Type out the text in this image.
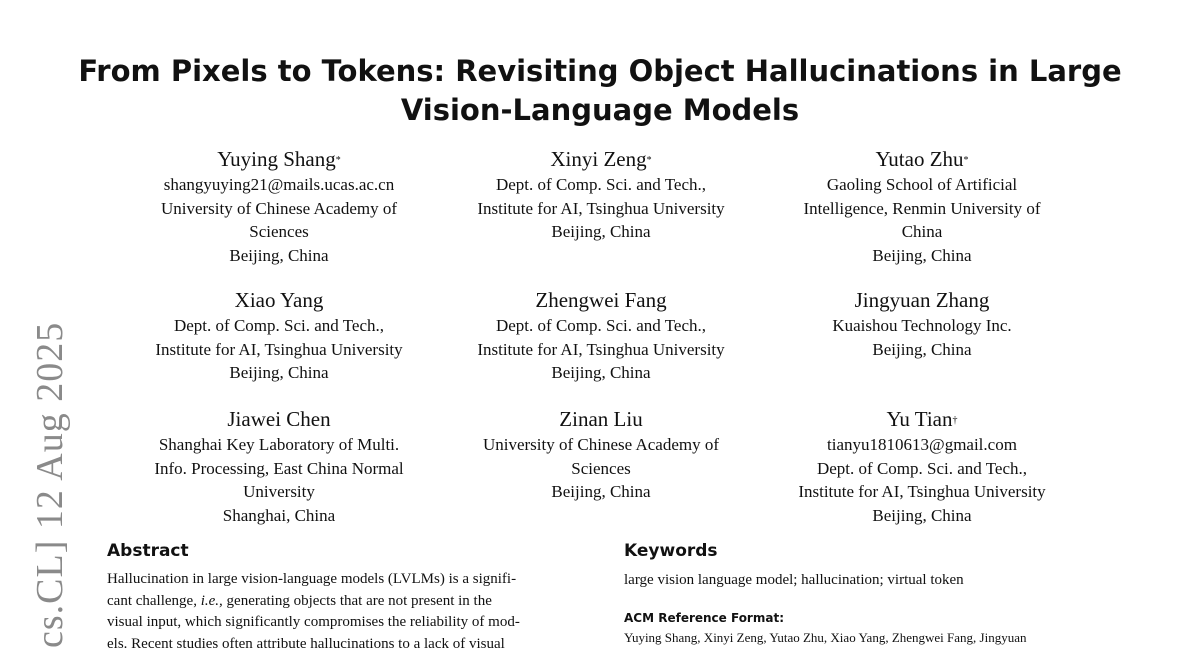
From Pixels to Tokens: Revisiting Object Hallucinations in Large
Vision-Language Models
cs.CL] 12 Aug 2025
Yuying Shang*
shangyuying21@mails.ucas.ac.cn
University of Chinese Academy of
Sciences
Beijing, China
Xinyi Zeng*
Dept. of Comp. Sci. and Tech.,
Institute for AI, Tsinghua University
Beijing, China
Yutao Zhu*
Gaoling School of Artificial
Intelligence, Renmin University of
China
Beijing, China
Xiao Yang
Dept. of Comp. Sci. and Tech.,
Institute for AI, Tsinghua University
Beijing, China
Zhengwei Fang
Dept. of Comp. Sci. and Tech.,
Institute for AI, Tsinghua University
Beijing, China
Jingyuan Zhang
Kuaishou Technology Inc.
Beijing, China
Jiawei Chen
Shanghai Key Laboratory of Multi.
Info. Processing, East China Normal
University
Shanghai, China
Zinan Liu
University of Chinese Academy of
Sciences
Beijing, China
Yu Tian†
tianyu1810613@gmail.com
Dept. of Comp. Sci. and Tech.,
Institute for AI, Tsinghua University
Beijing, China
Abstract
Hallucination in large vision-language models (LVLMs) is a signifi-
cant challenge, i.e., generating objects that are not present in the
visual input, which significantly compromises the reliability of mod-
els. Recent studies often attribute hallucinations to a lack of visual
Keywords
large vision language model; hallucination; virtual token
ACM Reference Format:
Yuying Shang, Xinyi Zeng, Yutao Zhu, Xiao Yang, Zhengwei Fang, Jingyuan
